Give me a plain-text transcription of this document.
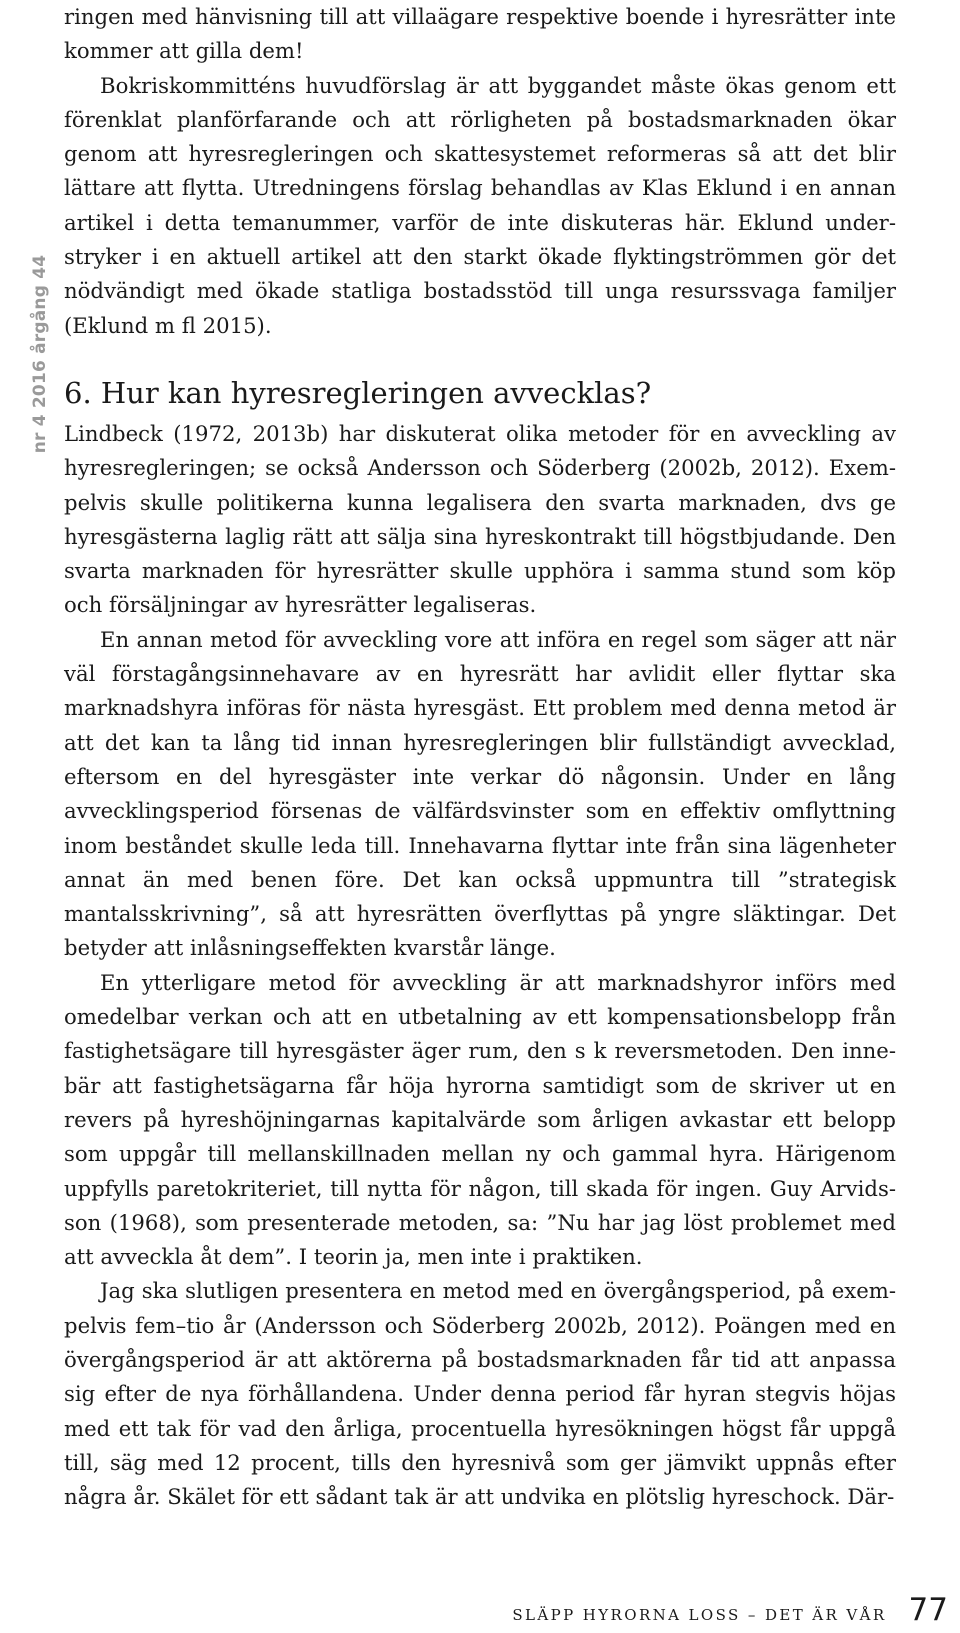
nr 4 2016 årgång 44

ringen med hänvisning till att villaägare respektive boende i hyresrätter inte kommer att gilla dem!

Bokriskommitténs huvudförslag är att byggandet måste ökas genom ett förenklat planförfarande och att rörligheten på bostadsmarknaden ökar genom att hyresregleringen och skattesystemet reformeras så att det blir lättare att flytta. Utredningens förslag behandlas av Klas Eklund i en annan artikel i detta temanummer, varför de inte diskuteras här. Eklund understryker i en aktuell artikel att den starkt ökade flyktingströmmen gör det nödvändigt med ökade statliga bostadsstöd till unga resurssvaga familjer (Eklund m fl 2015).

6. Hur kan hyresregleringen avvecklas?

Lindbeck (1972, 2013b) har diskuterat olika metoder för en avveckling av hyresregleringen; se också Andersson och Söderberg (2002b, 2012). Exempelvis skulle politikerna kunna legalisera den svarta marknaden, dvs ge hyresgästerna laglig rätt att sälja sina hyreskontrakt till högstbjudande. Den svarta marknaden för hyresrätter skulle upphöra i samma stund som köp och försäljningar av hyresrätter legaliseras.

En annan metod för avveckling vore att införa en regel som säger att när väl förstagångsinnehavare av en hyresrätt har avlidit eller flyttar ska marknadshyra införas för nästa hyresgäst. Ett problem med denna metod är att det kan ta lång tid innan hyresregleringen blir fullständigt avvecklad, eftersom en del hyresgäster inte verkar dö någonsin. Under en lång avvecklingsperiod försenas de välfärdsvinster som en effektiv omflyttning inom beståndet skulle leda till. Innehavarna flyttar inte från sina lägenheter annat än med benen före. Det kan också uppmuntra till ”strategisk mantalsskrivning”, så att hyresrätten överflyttas på yngre släktingar. Det betyder att inlåsningseffekten kvarstår länge.

En ytterligare metod för avveckling är att marknadshyror införs med omedelbar verkan och att en utbetalning av ett kompensationsbelopp från fastighetsägare till hyresgäster äger rum, den s k reversmetoden. Den innebär att fastighetsägarna får höja hyrorna samtidigt som de skriver ut en revers på hyreshöjningarnas kapitalvärde som årligen avkastar ett belopp som uppgår till mellanskillnaden mellan ny och gammal hyra. Härigenom uppfylls paretokriteriet, till nytta för någon, till skada för ingen. Guy Arvidsson (1968), som presenterade metoden, sa: ”Nu har jag löst problemet med att avveckla åt dem”. I teorin ja, men inte i praktiken.

Jag ska slutligen presentera en metod med en övergångsperiod, på exempelvis fem–tio år (Andersson och Söderberg 2002b, 2012). Poängen med en övergångsperiod är att aktörerna på bostadsmarknaden får tid att anpassa sig efter de nya förhållandena. Under denna period får hyran stegvis höjas med ett tak för vad den årliga, procentuella hyresökningen högst får uppgå till, säg med 12 procent, tills den hyresnivå som ger jämvikt uppnås efter några år. Skälet för ett sådant tak är att undvika en plötslig hyreschock. Där-

SLÄPP HYRORNA LOSS – DET ÄR VÅR 77
